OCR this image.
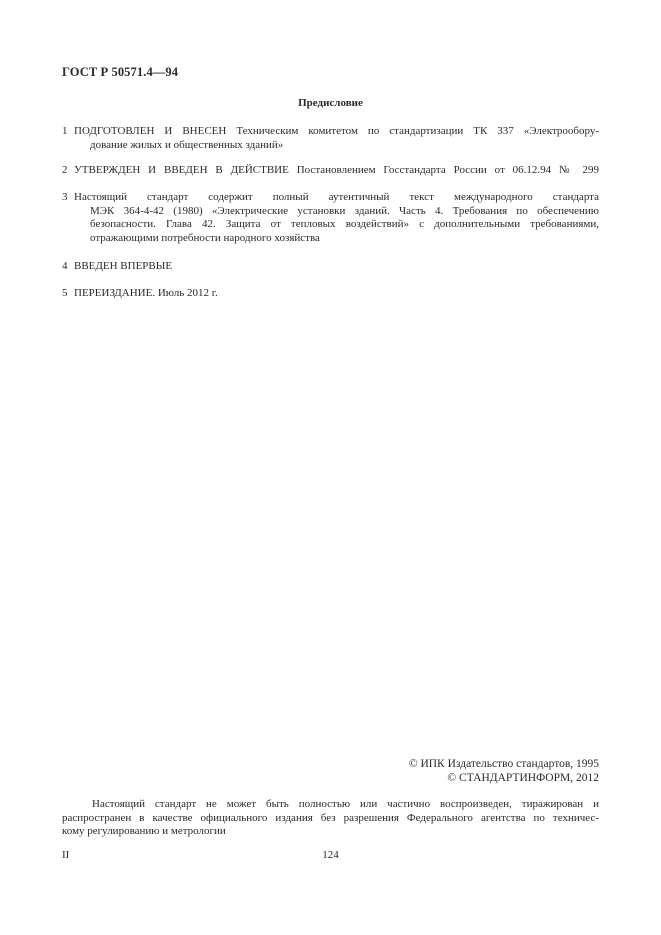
ГОСТ Р 50571.4—94
Предисловие
1 ПОДГОТОВЛЕН И ВНЕСЕН Техническим комитетом по стандартизации ТК 337 «Электрообору-
дование жилых и общественных зданий»
2 УТВЕРЖДЕН И ВВЕДЕН В ДЕЙСТВИЕ Постановлением Госстандарта России от 06.12.94 № 299
3 Настоящий стандарт содержит полный аутентичный текст международного стандарта
МЭК 364-4-42 (1980) «Электрические установки зданий. Часть 4. Требования по обеспечению
безопасности. Глава 42. Защита от тепловых воздействий» с дополнительными требованиями,
отражающими потребности народного хозяйства
4 ВВЕДЕН ВПЕРВЫЕ
5 ПЕРЕИЗДАНИЕ. Июль 2012 г.
© ИПК Издательство стандартов, 1995
© СТАНДАРТИНФОРМ, 2012
Настоящий стандарт не может быть полностью или частично воспроизведен, тиражирован и
распространен в качестве официального издания без разрешения Федерального агентства по техничес-
кому регулированию и метрологии
II	124
